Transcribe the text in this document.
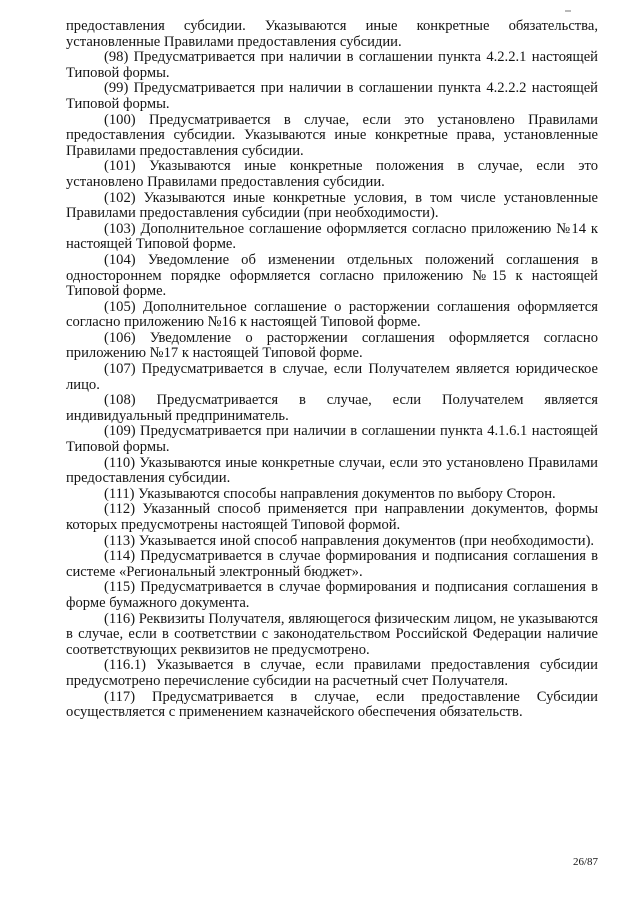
предоставления субсидии. Указываются иные конкретные обязательства, установленные Правилами предоставления субсидии.

(98) Предусматривается при наличии в соглашении пункта 4.2.2.1 настоящей Типовой формы.

(99) Предусматривается при наличии в соглашении пункта 4.2.2.2 настоящей Типовой формы.

(100) Предусматривается в случае, если это установлено Правилами предоставления субсидии. Указываются иные конкретные права, установленные Правилами предоставления субсидии.

(101) Указываются иные конкретные положения в случае, если это установлено Правилами предоставления субсидии.

(102) Указываются иные конкретные условия, в том числе установленные Правилами предоставления субсидии (при необходимости).

(103) Дополнительное соглашение оформляется согласно приложению №14 к настоящей Типовой форме.

(104) Уведомление об изменении отдельных положений соглашения в одностороннем порядке оформляется согласно приложению №15 к настоящей Типовой форме.

(105) Дополнительное соглашение о расторжении соглашения оформляется согласно приложению №16 к настоящей Типовой форме.

(106) Уведомление о расторжении соглашения оформляется согласно приложению №17 к настоящей Типовой форме.

(107) Предусматривается в случае, если Получателем является юридическое лицо.

(108) Предусматривается в случае, если Получателем является индивидуальный предприниматель.

(109) Предусматривается при наличии в соглашении пункта 4.1.6.1 настоящей Типовой формы.

(110) Указываются иные конкретные случаи, если это установлено Правилами предоставления субсидии.

(111) Указываются способы направления документов по выбору Сторон.

(112) Указанный способ применяется при направлении документов, формы которых предусмотрены настоящей Типовой формой.

(113) Указывается иной способ направления документов (при необходимости).

(114) Предусматривается в случае формирования и подписания соглашения в системе «Региональный электронный бюджет».

(115) Предусматривается в случае формирования и подписания соглашения в форме бумажного документа.

(116) Реквизиты Получателя, являющегося физическим лицом, не указываются в случае, если в соответствии с законодательством Российской Федерации наличие соответствующих реквизитов не предусмотрено.

(116.1) Указывается в случае, если правилами предоставления субсидии предусмотрено перечисление субсидии на расчетный счет Получателя.

(117) Предусматривается в случае, если предоставление Субсидии осуществляется с применением казначейского обеспечения обязательств.

26/87
